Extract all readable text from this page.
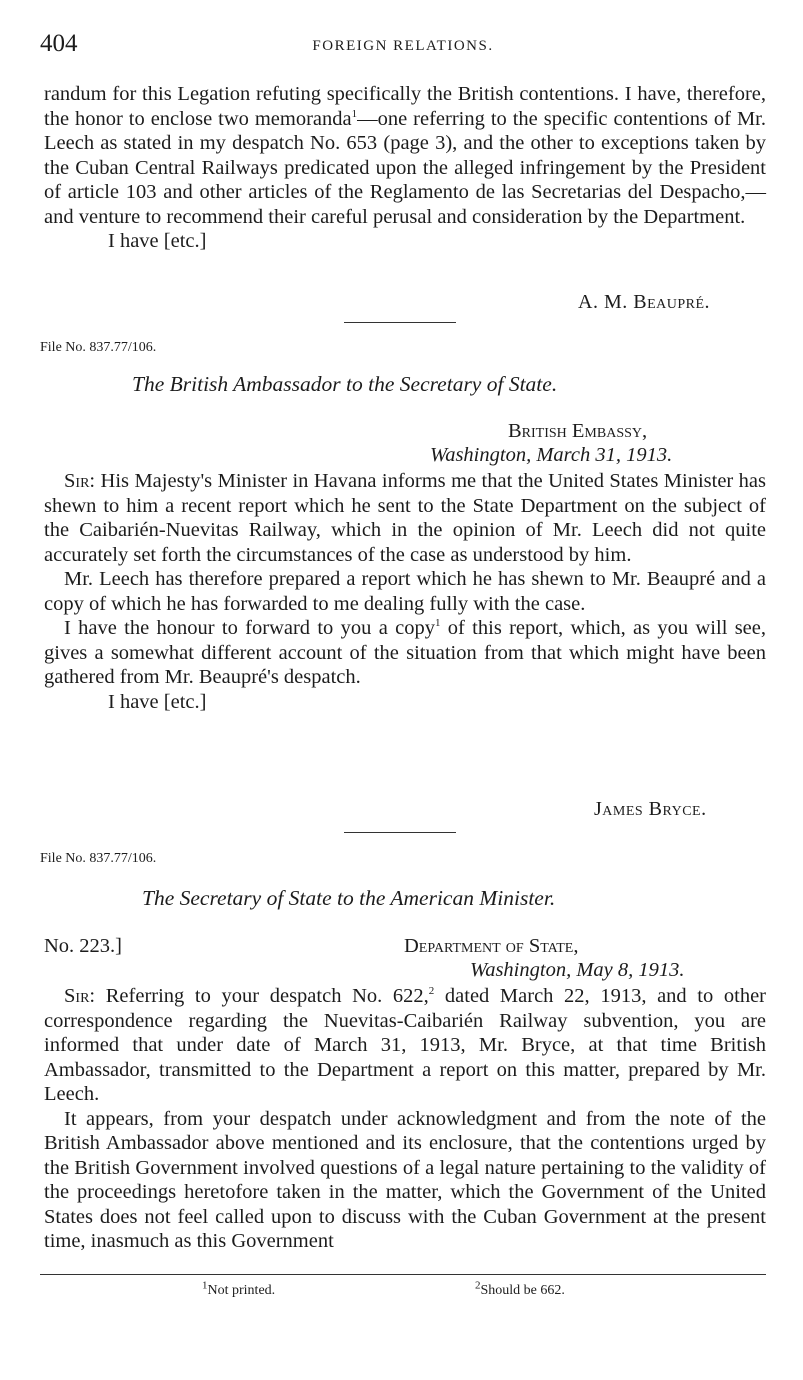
404	FOREIGN RELATIONS.

randum for this Legation refuting specifically the British contentions. I have, therefore, the honor to enclose two memoranda$^1$—one referring to the specific contentions of Mr. Leech as stated in my despatch No. 653 (page 3), and the other to exceptions taken by the Cuban Central Railways predicated upon the alleged infringement by the President of article 103 and other articles of the Reglamento de las Secretarias del Despacho,—and venture to recommend their careful perusal and consideration by the Department.

I have [etc.]

A. M. Beaupré.
File No. 837.77/106.
The British Ambassador to the Secretary of State.
British Embassy,
Washington, March 31, 1913.

Sir: His Majesty's Minister in Havana informs me that the United States Minister has shewn to him a recent report which he sent to the State Department on the subject of the Caibarién-Nuevitas Railway, which in the opinion of Mr. Leech did not quite accurately set forth the circumstances of the case as understood by him.

Mr. Leech has therefore prepared a report which he has shewn to Mr. Beaupré and a copy of which he has forwarded to me dealing fully with the case.

I have the honour to forward to you a copy$^1$ of this report, which, as you will see, gives a somewhat different account of the situation from that which might have been gathered from Mr. Beaupré's despatch.

I have [etc.]

James Bryce.
File No. 837.77/106.
The Secretary of State to the American Minister.
No. 223.]	Department of State,
Washington, May 8, 1913.

Sir: Referring to your despatch No. 622,$^2$ dated March 22, 1913, and to other correspondence regarding the Nuevitas-Caibarién Railway subvention, you are informed that under date of March 31, 1913, Mr. Bryce, at that time British Ambassador, transmitted to the Department a report on this matter, prepared by Mr. Leech.

It appears, from your despatch under acknowledgment and from the note of the British Ambassador above mentioned and its enclosure, that the contentions urged by the British Government involved questions of a legal nature pertaining to the validity of the proceedings heretofore taken in the matter, which the Government of the United States does not feel called upon to discuss with the Cuban Government at the present time, inasmuch as this Government

$^1$Not printed.	$^2$Should be 662.
